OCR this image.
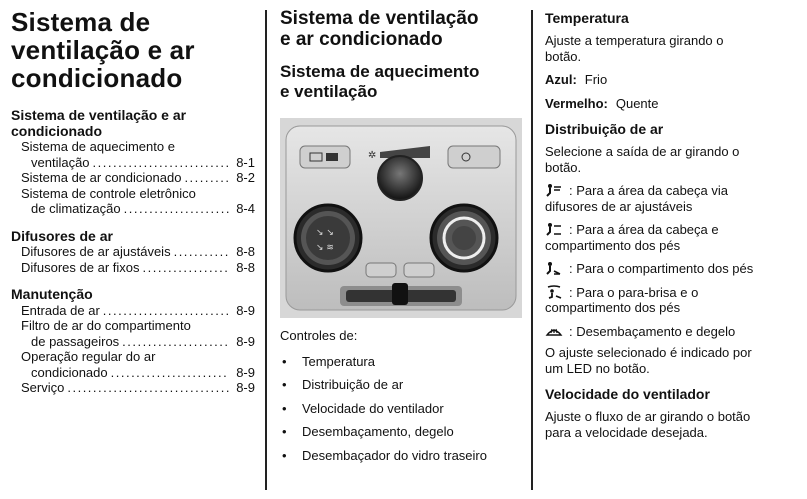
Sistema de
ventilação e ar
condicionado
Sistema de ventilação e ar
condicionado
Sistema de aquecimento e
ventilação .....	8-1
Sistema de ar condicionado .....	8-2
Sistema de controle eletrônico
de climatização .....	8-4
Difusores de ar
Difusores de ar ajustáveis .....	8-8
Difusores de ar fixos .....	8-8
Manutenção
Entrada de ar .....	8-9
Filtro de ar do compartimento
de passageiros .....	8-9
Operação regular do ar
condicionado .....	8-9
Serviço .....	8-9
Sistema de ventilação
e ar condicionado
Sistema de aquecimento
e ventilação
✲
↘ ↘
↘ ≋
Controles de:
• Temperatura
• Distribuição de ar
• Velocidade do ventilador
• Desembaçamento, degelo
• Desembaçador do vidro traseiro
Temperatura
Ajuste a temperatura girando o
botão.
Azul: Frio
Vermelho: Quente
Distribuição de ar
Selecione a saída de ar girando o
botão.
: Para a área da cabeça via
difusores de ar ajustáveis
: Para a área da cabeça e
compartimento dos pés
: Para o compartimento dos pés
: Para o para-brisa e o
compartimento dos pés
: Desembaçamento e degelo
O ajuste selecionado é indicado por
um LED no botão.
Velocidade do ventilador
Ajuste o fluxo de ar girando o botão
para a velocidade desejada.
